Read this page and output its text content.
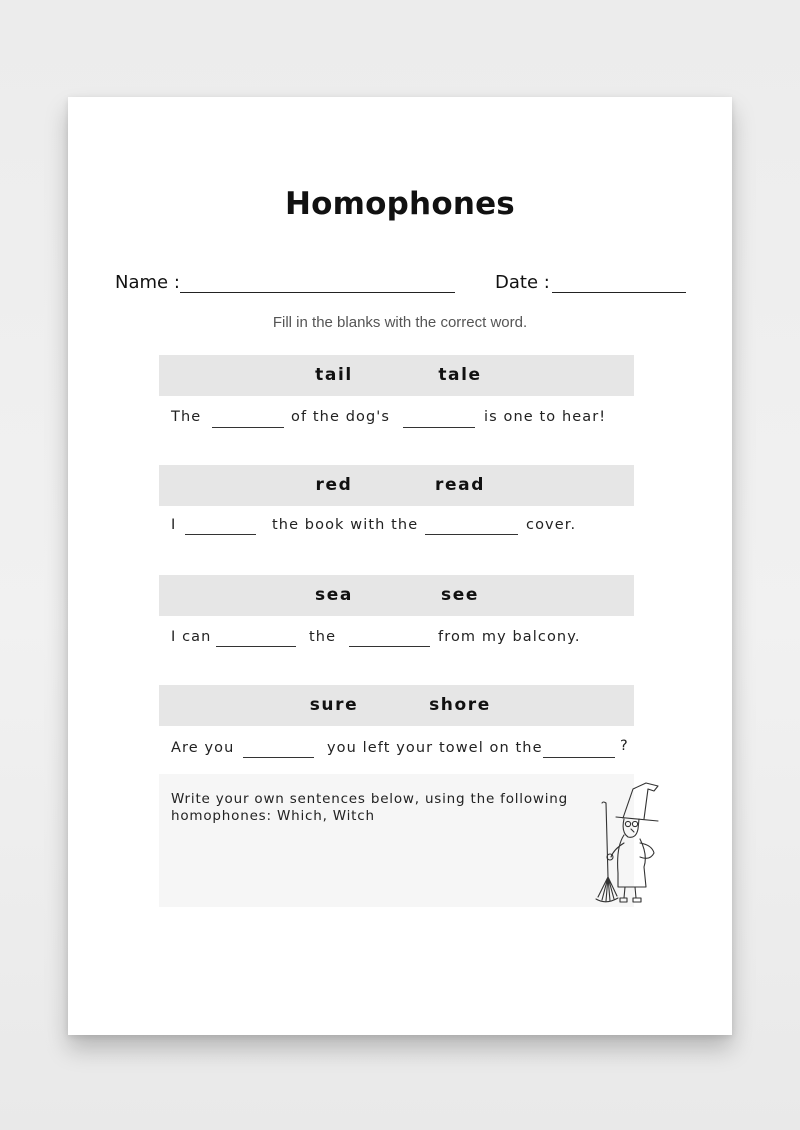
Homophones
Name :	Date :
Fill in the blanks with the correct word.
tail	tale
The	of the dog's	is one to hear!
red	read
I	the book with the	cover.
sea	see
I can	the	from my balcony.
sure	shore
Are you	you left your towel on the	?
Write your own sentences below, using the following homophones: Which, Witch
